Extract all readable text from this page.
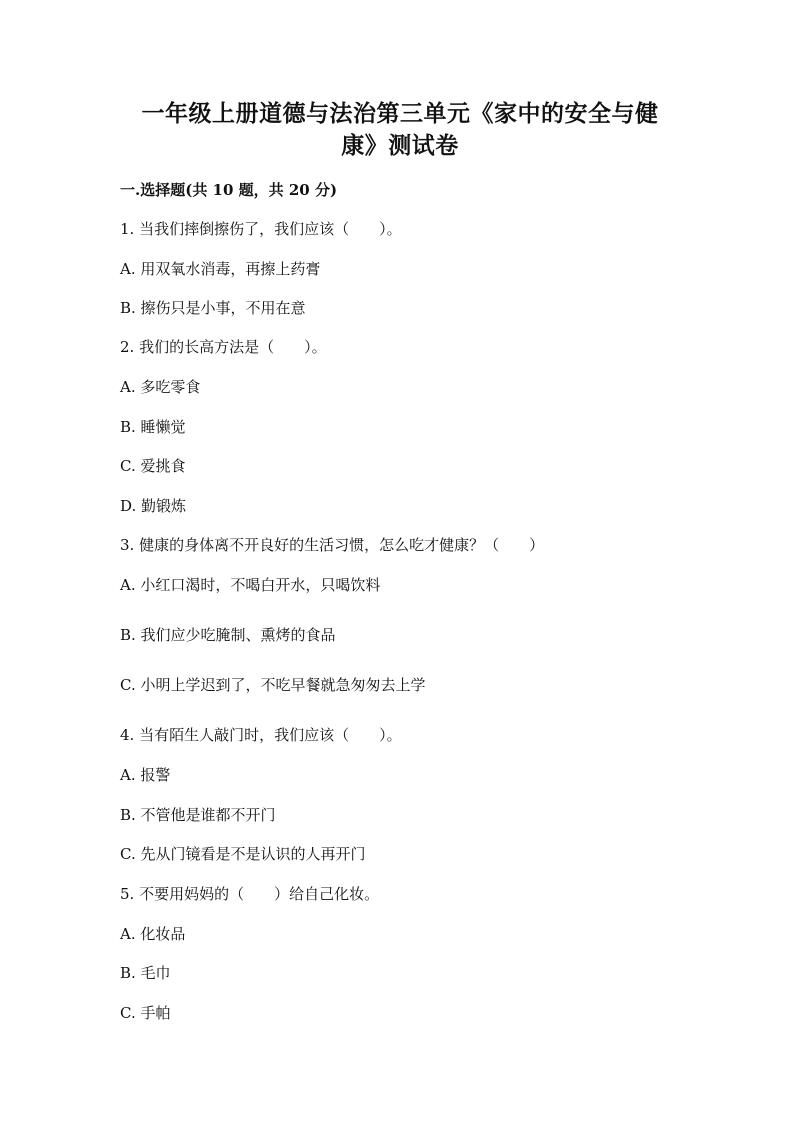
一年级上册道德与法治第三单元《家中的安全与健
康》测试卷
一.选择题(共 10 题，共 20 分)
1. 当我们摔倒擦伤了，我们应该（　　）。
A. 用双氧水消毒，再擦上药膏
B. 擦伤只是小事，不用在意
2. 我们的长高方法是（　　）。
A. 多吃零食
B. 睡懒觉
C. 爱挑食
D. 勤锻炼
3. 健康的身体离不开良好的生活习惯，怎么吃才健康？（　　）
A. 小红口渴时，不喝白开水，只喝饮料
B. 我们应少吃腌制、熏烤的食品
C. 小明上学迟到了，不吃早餐就急匆匆去上学
4. 当有陌生人敲门时，我们应该（　　）。
A. 报警
B. 不管他是谁都不开门
C. 先从门镜看是不是认识的人再开门
5. 不要用妈妈的（　　）给自己化妆。
A. 化妆品
B. 毛巾
C. 手帕
